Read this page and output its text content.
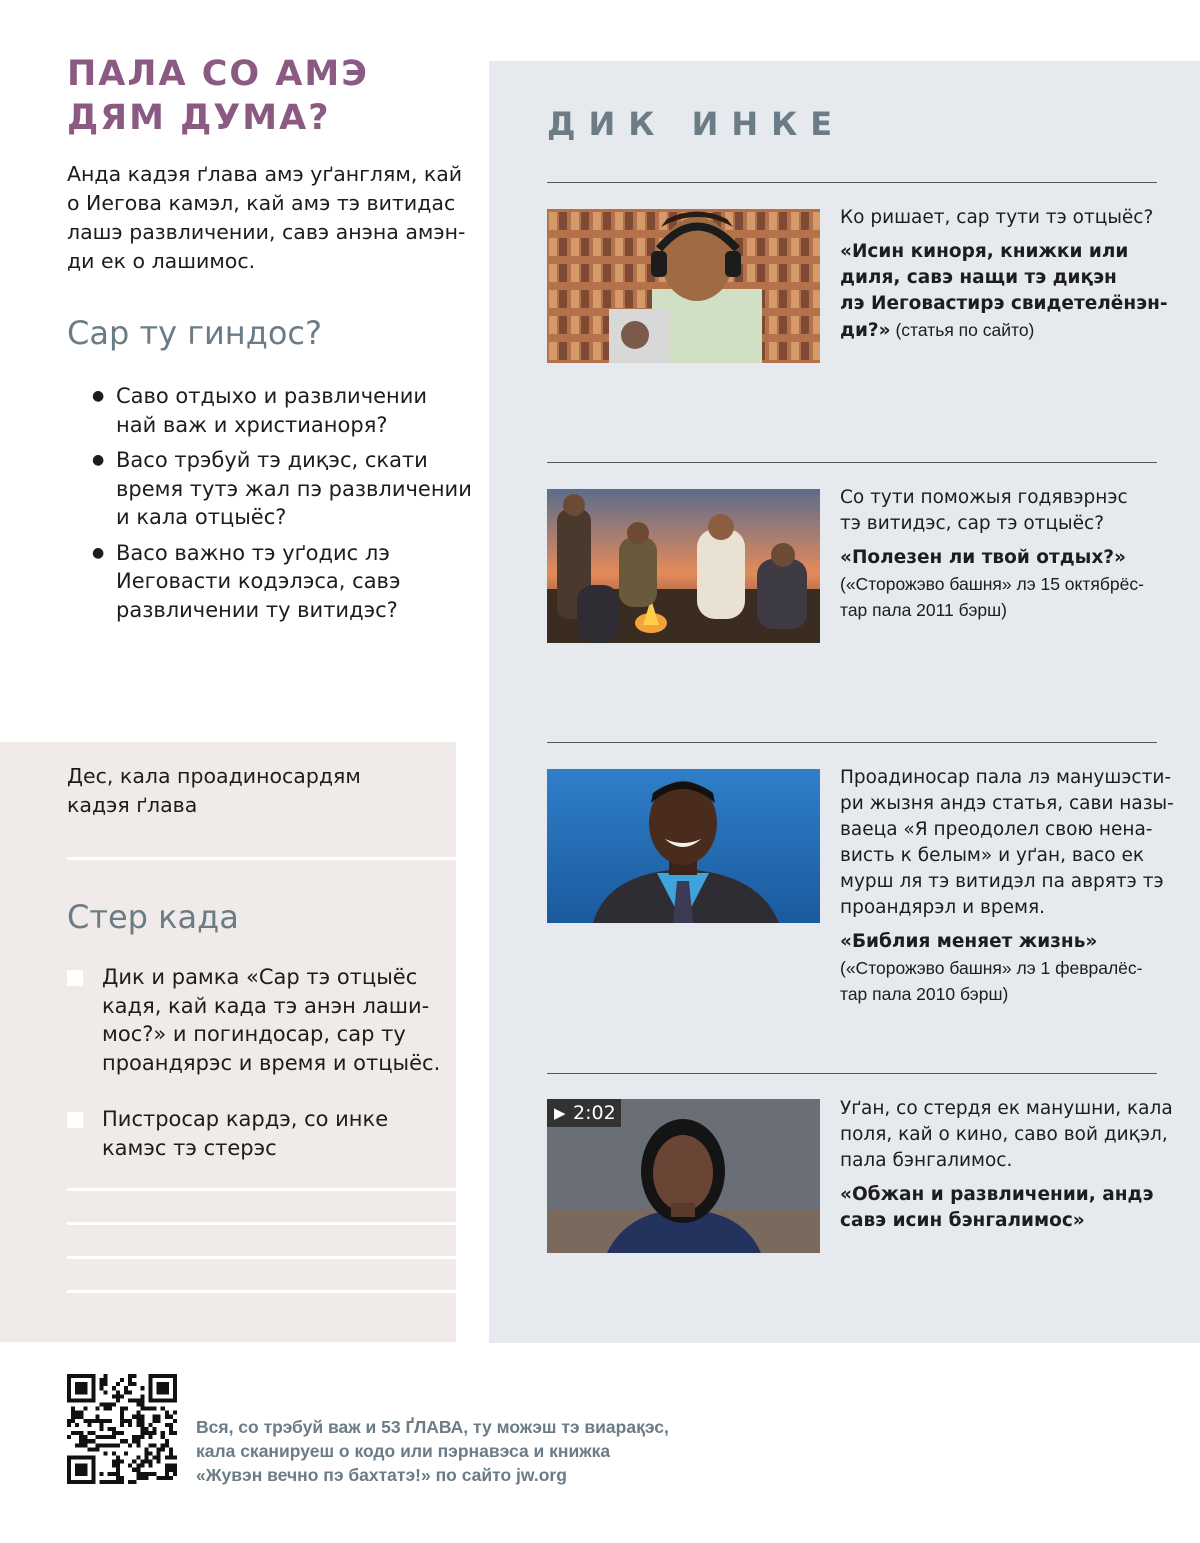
ПАЛА СО АМЭ
ДЯМ ДУМА?

Анда кадэя ґлава амэ уґанглям, кай
о Иегова камэл, кай амэ тэ витидас
лашэ развличении, савэ анэна амэн-
ди ек о лашимос.

Сар ту гиндос?
● Саво отдыхо и развличении
най важ и христианоря?
● Васо трэбуй тэ диқэс, скати
время тутэ жал пэ развличении
и кала отцыёс?
● Васо важно тэ уґодис лэ
Иеговасти кодэлэса, савэ
развличении ту витидэс?

Дес, кала проадиносардям
кадэя ґлава

Стер када
Дик и рамка «Сар тэ отцыёс
кадя, кай када тэ анэн лаши-
мос?» и погиндосар, сар ту
проандярэс и время и отцыёс.
Пистросар кардэ, со инке
камэс тэ стерэс
ДИК ИНКЕ
Ко ришает, сар тути тэ отцыёс?
«Исин киноря, книжки или
диля, савэ нащи тэ диқэн
лэ Иеговастирэ свидетелёнэн-
ди?» (статья по сайто)
Со тути поможыя годявэрнэс
тэ витидэс, сар тэ отцыёс?
«Полезен ли твой отдых?»
(«Сторожэво башня» лэ 15 октябрёс-
тар пала 2011 бэрш)
Проадиносар пала лэ манушэсти-
ри жызня андэ статья, сави назы-
ваеца «Я преодолел свою нена-
висть к белым» и уґан, васо ек
мурш ля тэ витидэл па аврятэ тэ
проандярэл и время.
«Библия меняет жизнь»
(«Сторожэво башня» лэ 1 февралёс-
тар пала 2010 бэрш)
▶ 2:02	Уґан, со стердя ек манушни, кала
поля, кай о кино, саво вой диқэл,
пала бэнгалимос.
«Обжан и развличении, андэ
савэ исин бэнгалимос»
Вся, со трэбуй важ и 53 ҐЛАВА, ту можэш тэ виарақэс,
кала сканируеш о кодо или пэрнавэса и книжка
«Жувэн вечно пэ бахтатэ!» по сайто jw.org
